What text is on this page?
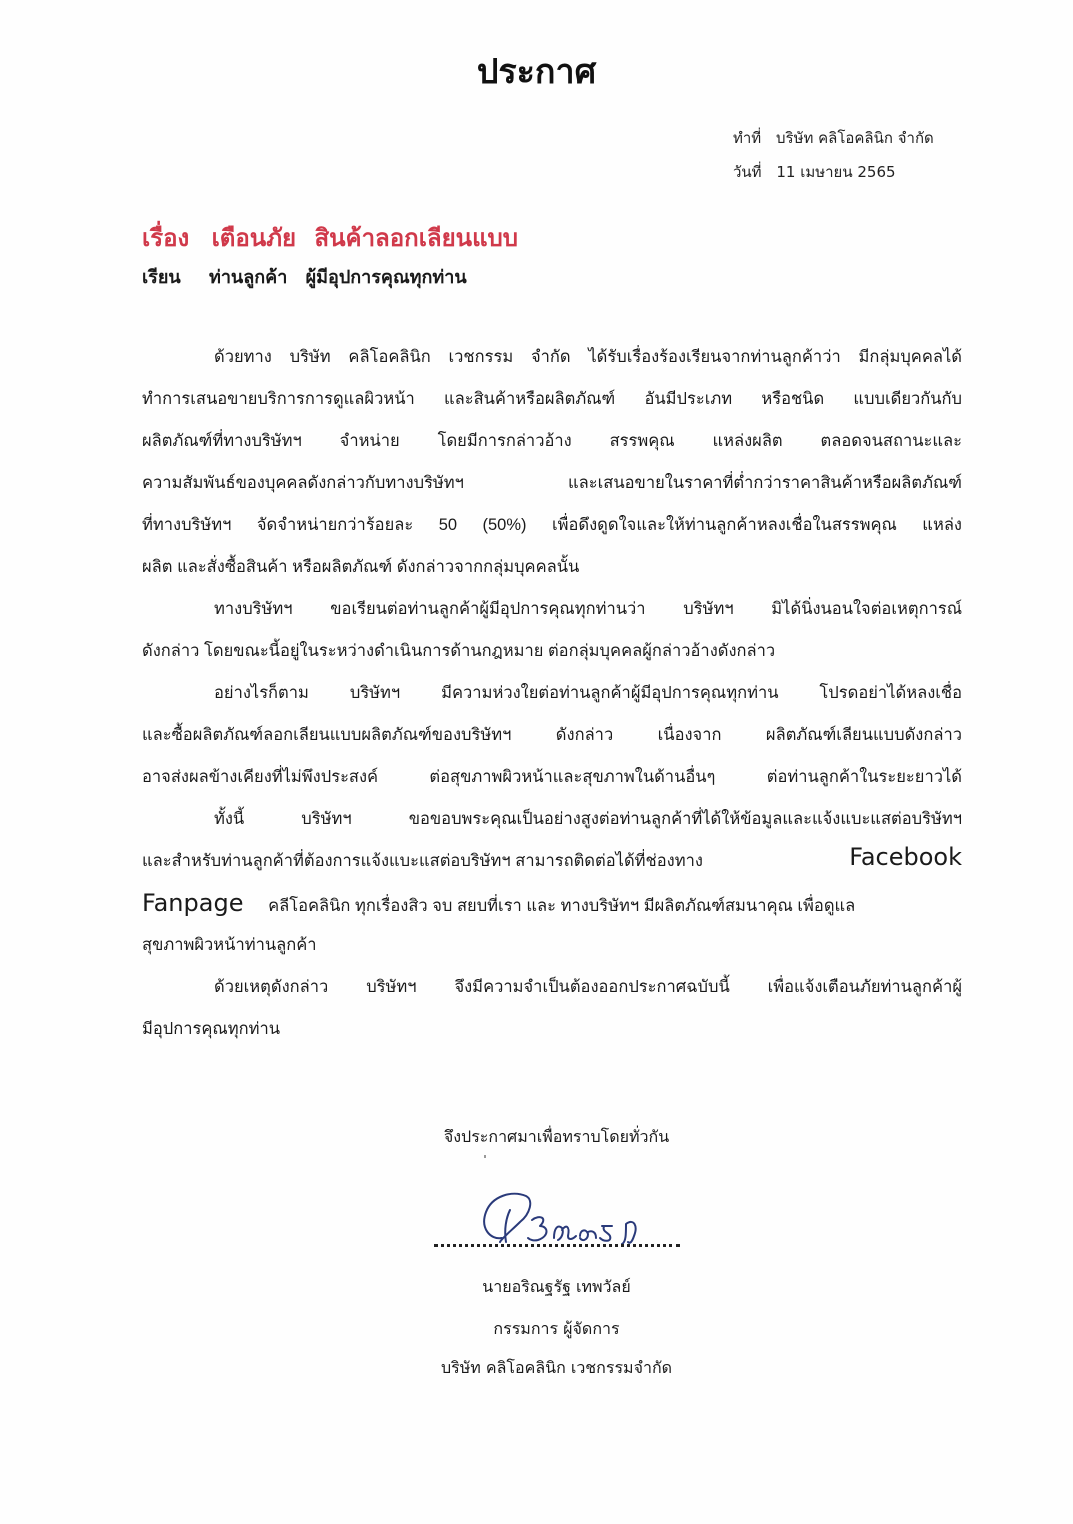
ประกาศ
ทำที่ บริษัท คลิโอคลินิก จำกัด
วันที่ 11 เมษายน 2565
เรื่อง เตือนภัย สินค้าลอกเลียนแบบ
เรียน ท่านลูกค้า ผู้มีอุปการคุณทุกท่าน
ด้วยทาง บริษัท คลิโอคลินิก เวชกรรม จำกัด ได้รับเรื่องร้องเรียนจากท่านลูกค้าว่า มีกลุ่มบุคคลได้
ทำการเสนอขายบริการการดูแลผิวหน้า และสินค้าหรือผลิตภัณฑ์ อันมีประเภท หรือชนิด แบบเดียวกันกับ
ผลิตภัณฑ์ที่ทางบริษัทฯ จำหน่าย โดยมีการกล่าวอ้าง สรรพคุณ แหล่งผลิต ตลอดจนสถานะและ
ความสัมพันธ์ของบุคคลดังกล่าวกับทางบริษัทฯ และเสนอขายในราคาที่ต่ำกว่าราคาสินค้าหรือผลิตภัณฑ์
ที่ทางบริษัทฯ จัดจำหน่ายกว่าร้อยละ 50 (50%) เพื่อดึงดูดใจและให้ท่านลูกค้าหลงเชื่อในสรรพคุณ แหล่ง
ผลิต และสั่งซื้อสินค้า หรือผลิตภัณฑ์ ดังกล่าวจากกลุ่มบุคคลนั้น
ทางบริษัทฯ ขอเรียนต่อท่านลูกค้าผู้มีอุปการคุณทุกท่านว่า บริษัทฯ มิได้นิ่งนอนใจต่อเหตุการณ์
ดังกล่าว โดยขณะนี้อยู่ในระหว่างดำเนินการด้านกฎหมาย ต่อกลุ่มบุคคลผู้กล่าวอ้างดังกล่าว
อย่างไรก็ตาม บริษัทฯ มีความห่วงใยต่อท่านลูกค้าผู้มีอุปการคุณทุกท่าน โปรดอย่าได้หลงเชื่อ
และซื้อผลิตภัณฑ์ลอกเลียนแบบผลิตภัณฑ์ของบริษัทฯ ดังกล่าว เนื่องจาก ผลิตภัณฑ์เลียนแบบดังกล่าว
อาจส่งผลข้างเคียงที่ไม่พึงประสงค์ ต่อสุขภาพผิวหน้าและสุขภาพในด้านอื่นๆ ต่อท่านลูกค้าในระยะยาวได้
ทั้งนี้ บริษัทฯ ขอขอบพระคุณเป็นอย่างสูงต่อท่านลูกค้าที่ได้ให้ข้อมูลและแจ้งแบะแสต่อบริษัทฯ
และสำหรับท่านลูกค้าที่ต้องการแจ้งแบะแสต่อบริษัทฯ สามารถติดต่อได้ที่ช่องทาง	Facebook
Fanpage คลีโอคลินิก ทุกเรื่องสิว จบ สยบที่เรา และ ทางบริษัทฯ มีผลิตภัณฑ์สมนาคุณ เพื่อดูแล
สุขภาพผิวหน้าท่านลูกค้า
ด้วยเหตุดังกล่าว บริษัทฯ จึงมีความจำเป็นต้องออกประกาศฉบับนี้ เพื่อแจ้งเตือนภัยท่านลูกค้าผู้
มีอุปการคุณทุกท่าน
จึงประกาศมาเพื่อทราบโดยทั่วกัน
นายอริณฐรัฐ เทพวัลย์
กรรมการ ผู้จัดการ
บริษัท คลิโอคลินิก เวชกรรมจำกัด
